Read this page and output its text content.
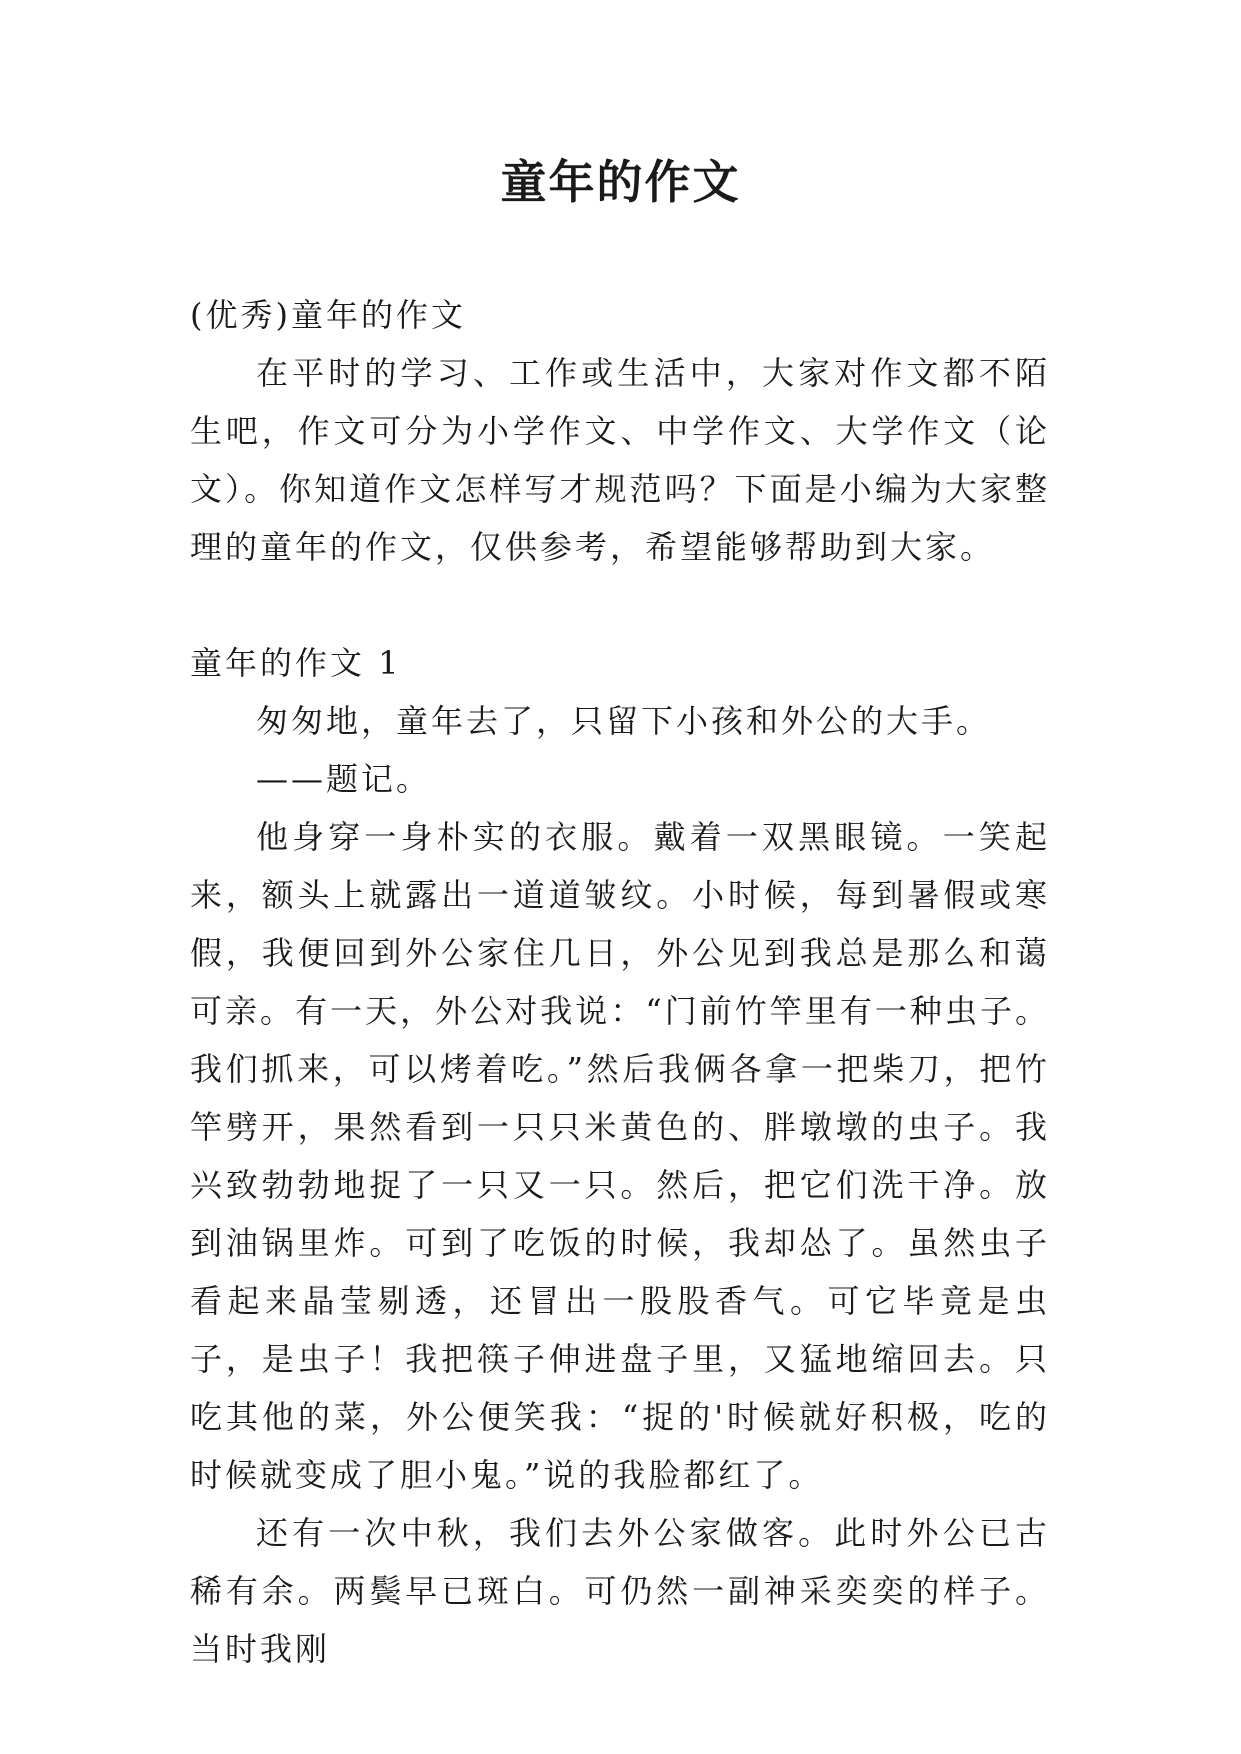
童年的作文

(优秀)童年的作文

在平时的学习、工作或生活中，大家对作文都不陌生吧，作文可分为小学作文、中学作文、大学作文（论文）。你知道作文怎样写才规范吗？下面是小编为大家整理的童年的作文，仅供参考，希望能够帮助到大家。

童年的作文 1

匆匆地，童年去了，只留下小孩和外公的大手。

——题记。

他身穿一身朴实的衣服。戴着一双黑眼镜。一笑起来，额头上就露出一道道皱纹。小时候，每到暑假或寒假，我便回到外公家住几日，外公见到我总是那么和蔼可亲。有一天，外公对我说：“门前竹竿里有一种虫子。我们抓来，可以烤着吃。”然后我俩各拿一把柴刀，把竹竿劈开，果然看到一只只米黄色的、胖墩墩的虫子。我兴致勃勃地捉了一只又一只。然后，把它们洗干净。放到油锅里炸。可到了吃饭的时候，我却怂了。虽然虫子看起来晶莹剔透，还冒出一股股香气。可它毕竟是虫子，是虫子！我把筷子伸进盘子里，又猛地缩回去。只吃其他的菜，外公便笑我：“捉的'时候就好积极，吃的时候就变成了胆小鬼。”说的我脸都红了。

还有一次中秋，我们去外公家做客。此时外公已古稀有余。两鬓早已斑白。可仍然一副神采奕奕的样子。当时我刚
